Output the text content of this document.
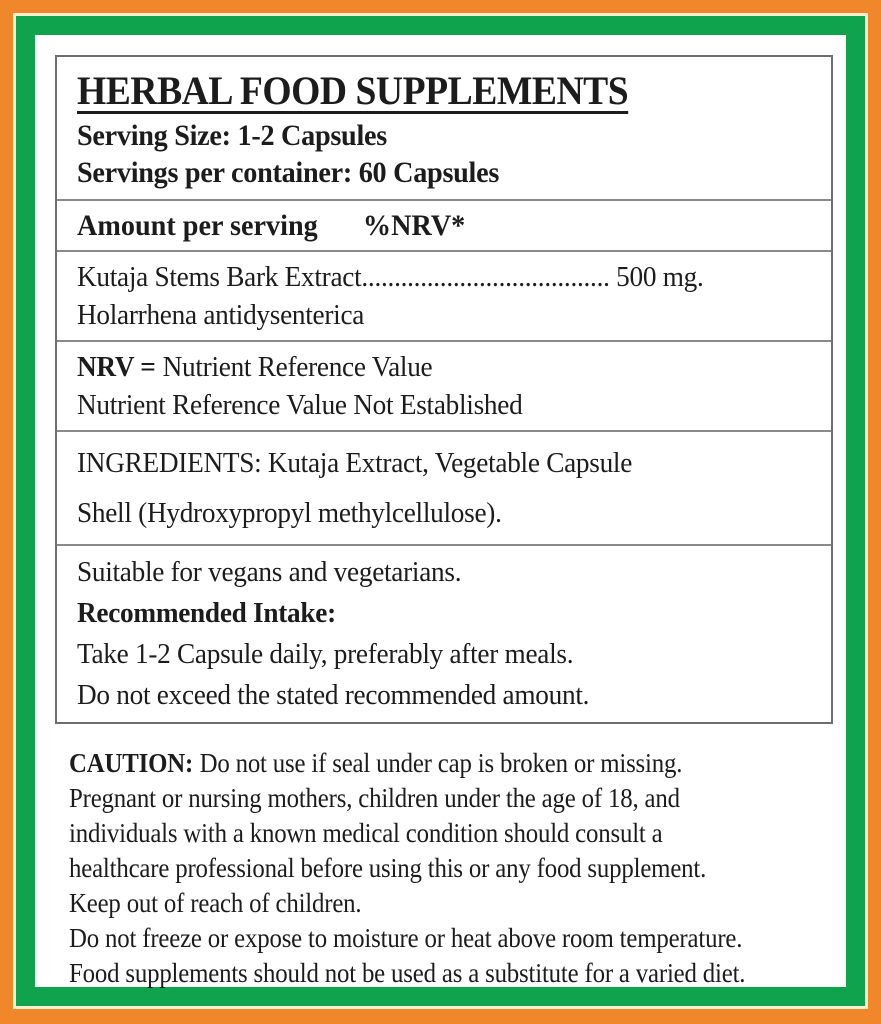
HERBAL FOOD SUPPLEMENTS
Serving Size: 1-2 Capsules
Servings per container: 60 Capsules
Amount per serving %NRV*
Kutaja Stems Bark Extract...................................... 500 mg.
Holarrhena antidysenterica
NRV = Nutrient Reference Value
Nutrient Reference Value Not Established
INGREDIENTS: Kutaja Extract, Vegetable Capsule
Shell (Hydroxypropyl methylcellulose).
Suitable for vegans and vegetarians.
Recommended Intake:
Take 1-2 Capsule daily, preferably after meals.
Do not exceed the stated recommended amount.
CAUTION: Do not use if seal under cap is broken or missing.
Pregnant or nursing mothers, children under the age of 18, and
individuals with a known medical condition should consult a
healthcare professional before using this or any food supplement.
Keep out of reach of children.
Do not freeze or expose to moisture or heat above room temperature.
Food supplements should not be used as a substitute for a varied diet.
